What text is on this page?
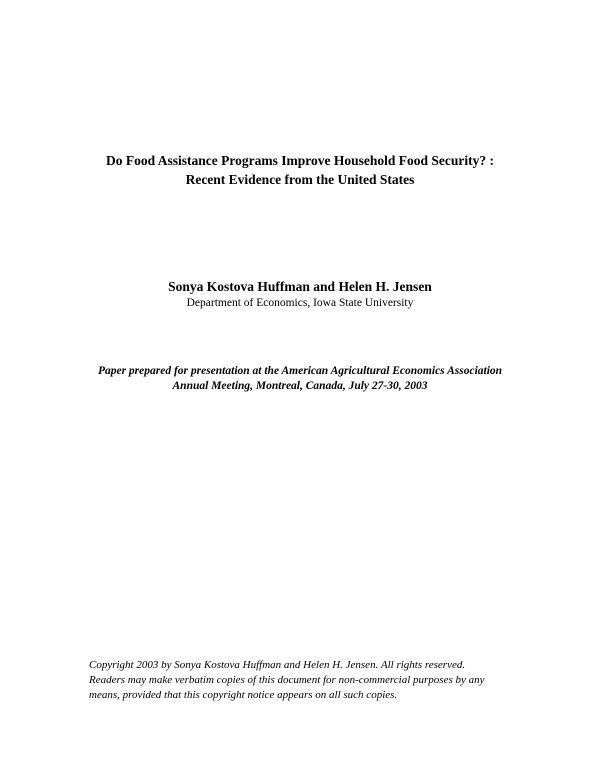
Do Food Assistance Programs Improve Household Food Security? :
Recent Evidence from the United States
Sonya Kostova Huffman and Helen H. Jensen
Department of Economics, Iowa State University
Paper prepared for presentation at the American Agricultural Economics Association
Annual Meeting, Montreal, Canada, July 27-30, 2003
Copyright 2003 by Sonya Kostova Huffman and Helen H. Jensen. All rights reserved.
Readers may make verbatim copies of this document for non-commercial purposes by any
means, provided that this copyright notice appears on all such copies.
